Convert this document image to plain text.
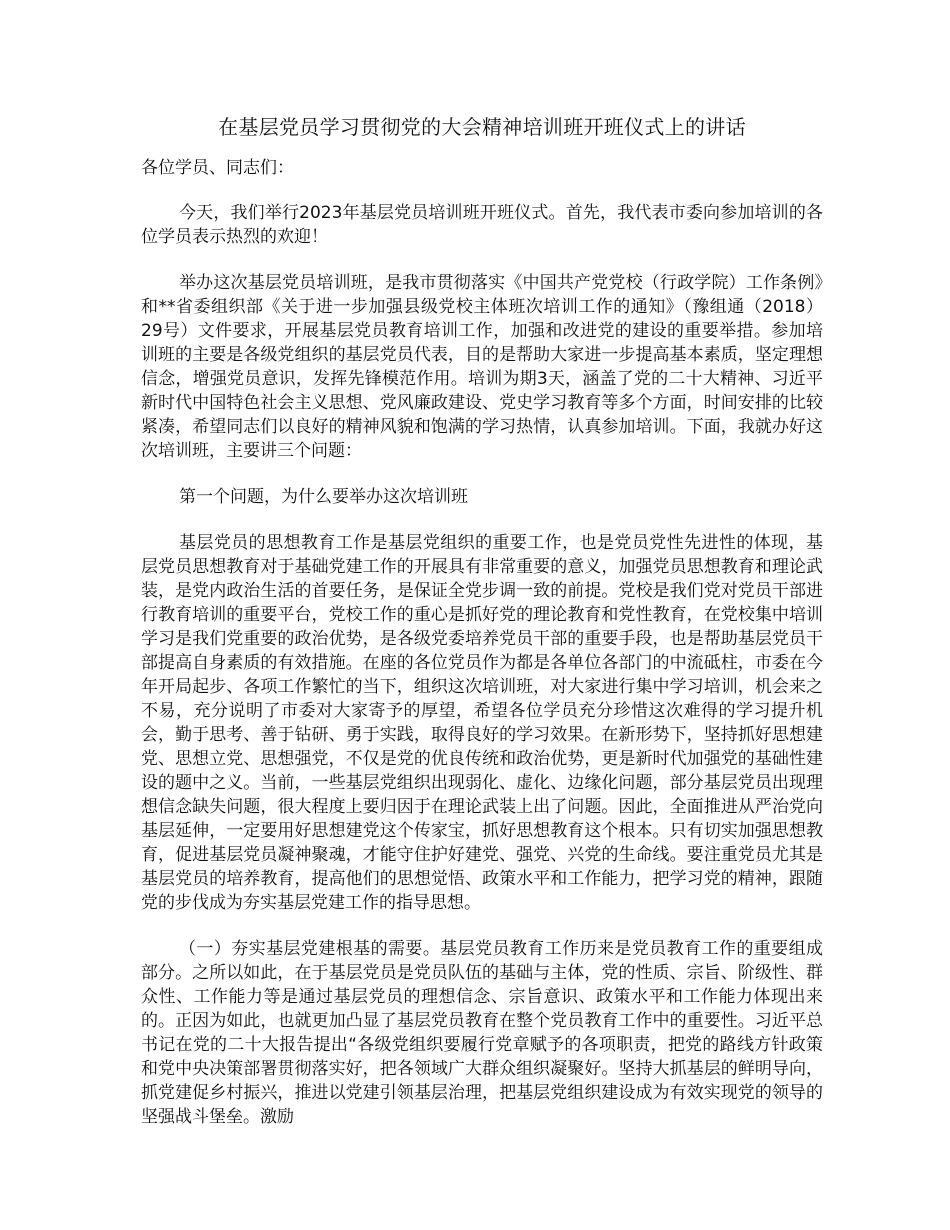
在基层党员学习贯彻党的大会精神培训班开班仪式上的讲话

各位学员、同志们：

今天，我们举行2023年基层党员培训班开班仪式。首先，我代表市委向参加培训的各位学员表示热烈的欢迎！

举办这次基层党员培训班，是我市贯彻落实《中国共产党党校（行政学院）工作条例》和**省委组织部《关于进一步加强县级党校主体班次培训工作的通知》（豫组通（2018）29号）文件要求，开展基层党员教育培训工作，加强和改进党的建设的重要举措。参加培训班的主要是各级党组织的基层党员代表，目的是帮助大家进一步提高基本素质，坚定理想信念，增强党员意识，发挥先锋模范作用。培训为期3天，涵盖了党的二十大精神、习近平新时代中国特色社会主义思想、党风廉政建设、党史学习教育等多个方面，时间安排的比较紧凑，希望同志们以良好的精神风貌和饱满的学习热情，认真参加培训。下面，我就办好这次培训班，主要讲三个问题：

第一个问题，为什么要举办这次培训班

基层党员的思想教育工作是基层党组织的重要工作，也是党员党性先进性的体现，基层党员思想教育对于基础党建工作的开展具有非常重要的意义，加强党员思想教育和理论武装，是党内政治生活的首要任务，是保证全党步调一致的前提。党校是我们党对党员干部进行教育培训的重要平台，党校工作的重心是抓好党的理论教育和党性教育，在党校集中培训学习是我们党重要的政治优势，是各级党委培养党员干部的重要手段，也是帮助基层党员干部提高自身素质的有效措施。在座的各位党员作为都是各单位各部门的中流砥柱，市委在今年开局起步、各项工作繁忙的当下，组织这次培训班，对大家进行集中学习培训，机会来之不易，充分说明了市委对大家寄予的厚望，希望各位学员充分珍惜这次难得的学习提升机会，勤于思考、善于钻研、勇于实践，取得良好的学习效果。在新形势下，坚持抓好思想建党、思想立党、思想强党，不仅是党的优良传统和政治优势，更是新时代加强党的基础性建设的题中之义。当前，一些基层党组织出现弱化、虚化、边缘化问题，部分基层党员出现理想信念缺失问题，很大程度上要归因于在理论武装上出了问题。因此，全面推进从严治党向基层延伸，一定要用好思想建党这个传家宝，抓好思想教育这个根本。只有切实加强思想教育，促进基层党员凝神聚魂，才能守住护好建党、强党、兴党的生命线。要注重党员尤其是基层党员的培养教育，提高他们的思想觉悟、政策水平和工作能力，把学习党的精神，跟随党的步伐成为夯实基层党建工作的指导思想。

（一）夯实基层党建根基的需要。基层党员教育工作历来是党员教育工作的重要组成部分。之所以如此，在于基层党员是党员队伍的基础与主体，党的性质、宗旨、阶级性、群众性、工作能力等是通过基层党员的理想信念、宗旨意识、政策水平和工作能力体现出来的。正因为如此，也就更加凸显了基层党员教育在整个党员教育工作中的重要性。习近平总书记在党的二十大报告提出“各级党组织要履行党章赋予的各项职责，把党的路线方针政策和党中央决策部署贯彻落实好，把各领域广大群众组织凝聚好。坚持大抓基层的鲜明导向，抓党建促乡村振兴，推进以党建引领基层治理，把基层党组织建设成为有效实现党的领导的坚强战斗堡垒。激励
